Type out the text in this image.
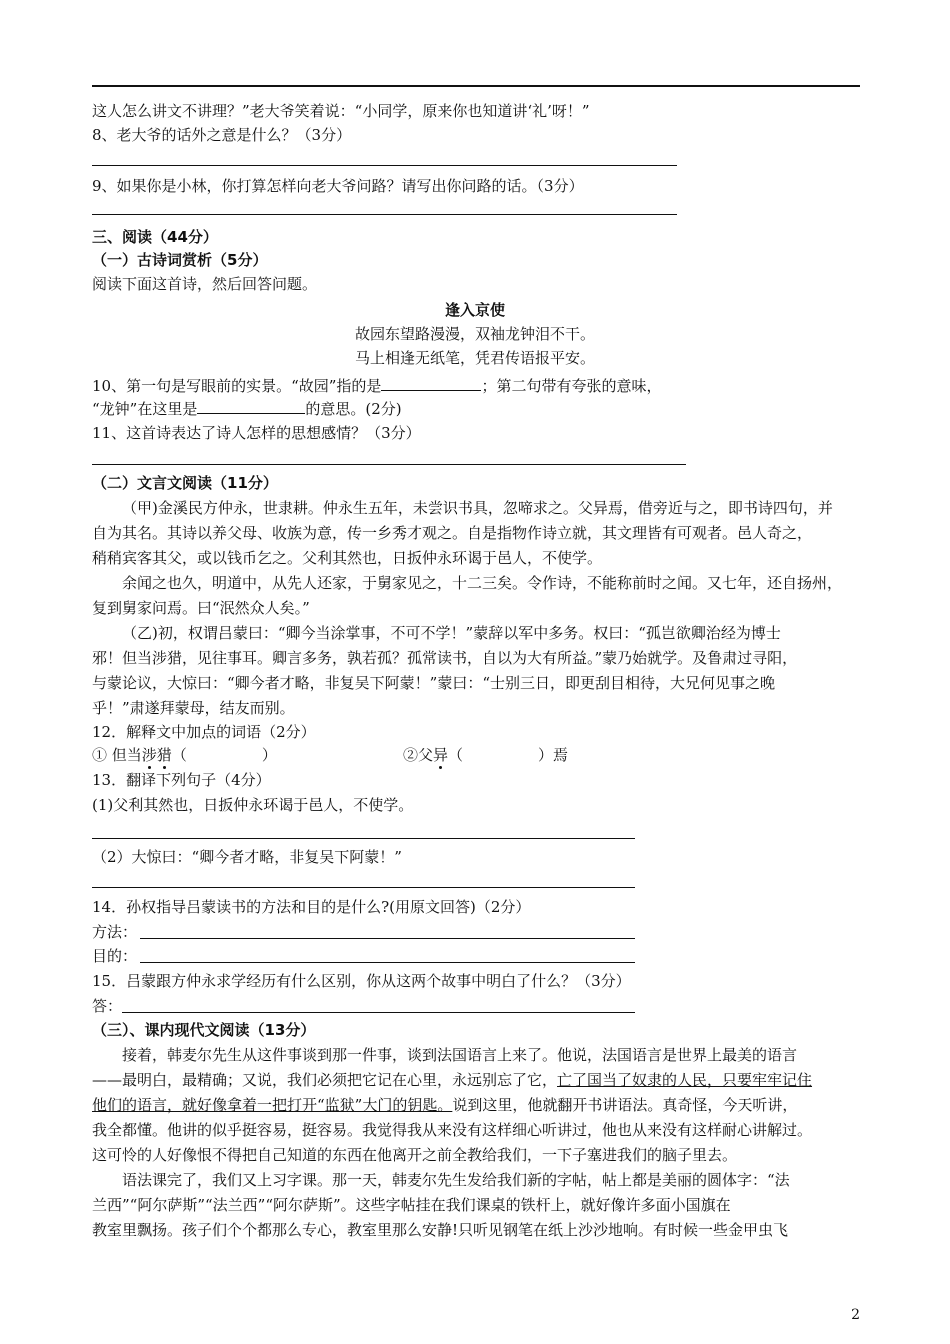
这人怎么讲文不讲理？”老大爷笑着说：“小同学，原来你也知道讲‘礼’呀！”
8、老大爷的话外之意是什么？（3分）
9、如果你是小林，你打算怎样向老大爷问路？请写出你问路的话。（3分）
三、阅读（44分）
（一）古诗词赏析（5分）
阅读下面这首诗，然后回答问题。
逢入京使
故园东望路漫漫，双袖龙钟泪不干。
马上相逢无纸笔，凭君传语报平安。
10、第一句是写眼前的实景。“故园”指的是	；第二句带有夸张的意味，
“龙钟”在这里是	的意思。(2分)
11、这首诗表达了诗人怎样的思想感情？（3分）
（二）文言文阅读（11分）
（甲)金溪民方仲永，世隶耕。仲永生五年，未尝识书具，忽啼求之。父异焉，借旁近与之，即书诗四句，并
自为其名。其诗以养父母、收族为意，传一乡秀才观之。自是指物作诗立就，其文理皆有可观者。邑人奇之，
稍稍宾客其父，或以钱币乞之。父利其然也，日扳仲永环谒于邑人，不使学。
余闻之也久，明道中，从先人还家，于舅家见之，十二三矣。令作诗，不能称前时之闻。又七年，还自扬州，
复到舅家问焉。曰“泯然众人矣。”
（乙)初，权谓吕蒙曰：“卿今当涂掌事，不可不学！”蒙辞以军中多务。权曰：“孤岂欲卿治经为博士
邪！但当涉猎，见往事耳。卿言多务，孰若孤？孤常读书，自以为大有所益。”蒙乃始就学。及鲁肃过寻阳，
与蒙论议，大惊曰：“卿今者才略，非复吴下阿蒙！”蒙曰：“士别三日，即更刮目相待，大兄何见事之晚
乎！”肃遂拜蒙母，结友而别。
12．解释文中加点的词语（2分）
① 但当涉猎（　　　　　）	②父异（　　　　　）焉
13．翻译下列句子（4分）
(1)父利其然也，日扳仲永环谒于邑人，不使学。
（2）大惊曰：“卿今者才略，非复吴下阿蒙！”
14．孙权指导吕蒙读书的方法和目的是什么?(用原文回答)（2分）
方法：
目的：
15．吕蒙跟方仲永求学经历有什么区别，你从这两个故事中明白了什么？（3分）
答：
（三）、课内现代文阅读（13分）
接着，韩麦尔先生从这件事谈到那一件事，谈到法国语言上来了。他说，法国语言是世界上最美的语言
——最明白，最精确；又说，我们必须把它记在心里，永远别忘了它，亡了国当了奴隶的人民，只要牢牢记住
他们的语言，就好像拿着一把打开“监狱”大门的钥匙。说到这里，他就翻开书讲语法。真奇怪，今天听讲，
我全都懂。他讲的似乎挺容易，挺容易。我觉得我从来没有这样细心听讲过，他也从来没有这样耐心讲解过。
这可怜的人好像恨不得把自己知道的东西在他离开之前全教给我们，一下子塞进我们的脑子里去。
语法课完了，我们又上习字课。那一天，韩麦尔先生发给我们新的字帖，帖上都是美丽的圆体字：“法
兰西”“阿尔萨斯”“法兰西”“阿尔萨斯”。这些字帖挂在我们课桌的铁杆上，就好像许多面小国旗在
教室里飘扬。孩子们个个都那么专心，教室里那么安静!只听见钢笔在纸上沙沙地响。有时候一些金甲虫飞
2
